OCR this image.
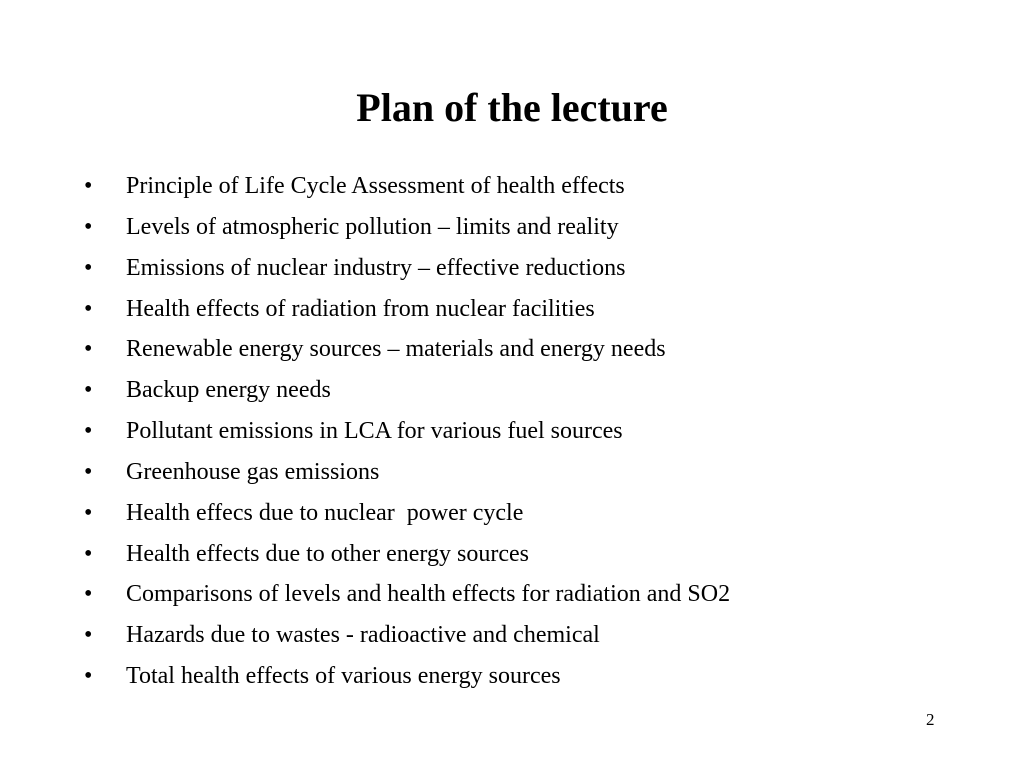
Plan of the lecture
•	Principle of Life Cycle Assessment of health effects
•	Levels of atmospheric pollution – limits and reality
•	Emissions of nuclear industry – effective reductions
•	Health effects of radiation from nuclear facilities
•	Renewable energy sources – materials and energy needs
•	Backup energy needs
•	Pollutant emissions in LCA for various fuel sources
•	Greenhouse gas emissions
•	Health effecs due to nuclear  power cycle
•	Health effects due to other energy sources
•	Comparisons of levels and health effects for radiation and SO2
•	Hazards due to wastes - radioactive and chemical
•	Total health effects of various energy sources
2
